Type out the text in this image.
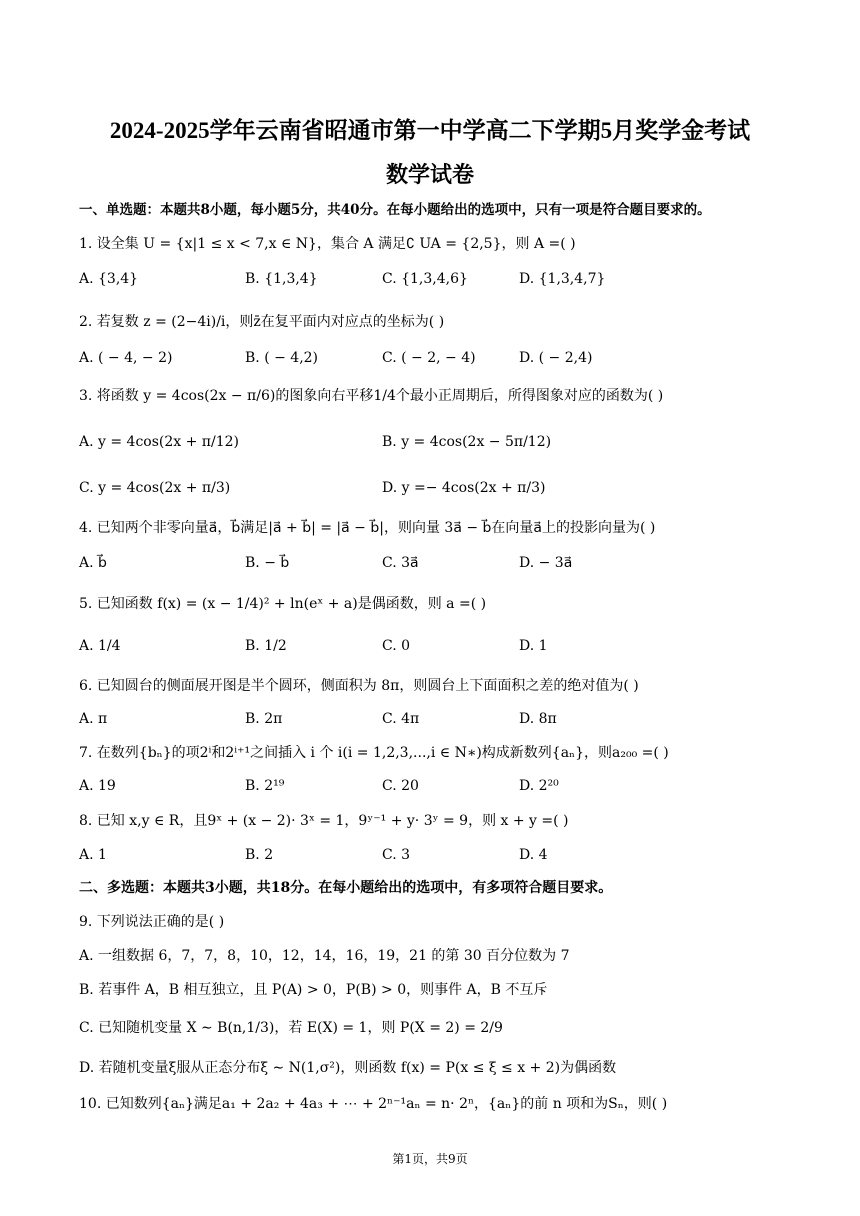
2024-2025学年云南省昭通市第一中学高二下学期5月奖学金考试
数学试卷
一、单选题：本题共8小题，每小题5分，共40分。在每小题给出的选项中，只有一项是符合题目要求的。
1. 设全集 U = {x|1 ≤ x < 7,x ∈ N}，集合 A 满足∁ UA = {2,5}，则 A =( )
A. {3,4}	B. {1,3,4}	C. {1,3,4,6}	D. {1,3,4,7}
2. 若复数 z = (2−4i)/i，则z̄在复平面内对应点的坐标为( )
A. ( − 4, − 2)	B. ( − 4,2)	C. ( − 2, − 4)	D. ( − 2,4)
3. 将函数 y = 4cos(2x − π/6)的图象向右平移1/4个最小正周期后，所得图象对应的函数为( )
A. y = 4cos(2x + π/12)	B. y = 4cos(2x − 5π/12)
C. y = 4cos(2x + π/3)	D. y =− 4cos(2x + π/3)
4. 已知两个非零向量a⃗，b⃗满足|a⃗ + b⃗| = |a⃗ − b⃗|，则向量 3a⃗ − b⃗在向量a⃗上的投影向量为( )
A. b⃗	B. − b⃗	C. 3a⃗	D. − 3a⃗
5. 已知函数 f(x) = (x − 1/4)² + ln(eˣ + a)是偶函数，则 a =( )
A. 1/4	B. 1/2	C. 0	D. 1
6. 已知圆台的侧面展开图是半个圆环，侧面积为 8π，则圆台上下面面积之差的绝对值为( )
A. π	B. 2π	C. 4π	D. 8π
7. 在数列{bₙ}的项2ⁱ和2ⁱ⁺¹之间插入 i 个 i(i = 1,2,3,...,i ∈ N∗)构成新数列{aₙ}，则a₂₀₀ =( )
A. 19	B. 2¹⁹	C. 20	D. 2²⁰
8. 已知 x,y ∈ R，且9ˣ + (x − 2)· 3ˣ = 1，9ʸ⁻¹ + y· 3ʸ = 9，则 x + y =( )
A. 1	B. 2	C. 3	D. 4
二、多选题：本题共3小题，共18分。在每小题给出的选项中，有多项符合题目要求。
9. 下列说法正确的是( )
A. 一组数据 6，7，7，8，10，12，14，16，19，21 的第 30 百分位数为 7
B. 若事件 A，B 相互独立，且 P(A) > 0，P(B) > 0，则事件 A，B 不互斥
C. 已知随机变量 X ∼ B(n,1/3)，若 E(X) = 1，则 P(X = 2) = 2/9
D. 若随机变量ξ服从正态分布ξ ∼ N(1,σ²)，则函数 f(x) = P(x ≤ ξ ≤ x + 2)为偶函数
10. 已知数列{aₙ}满足a₁ + 2a₂ + 4a₃ + ⋯ + 2ⁿ⁻¹aₙ = n· 2ⁿ，{aₙ}的前 n 项和为Sₙ，则( )
第1页，共9页
